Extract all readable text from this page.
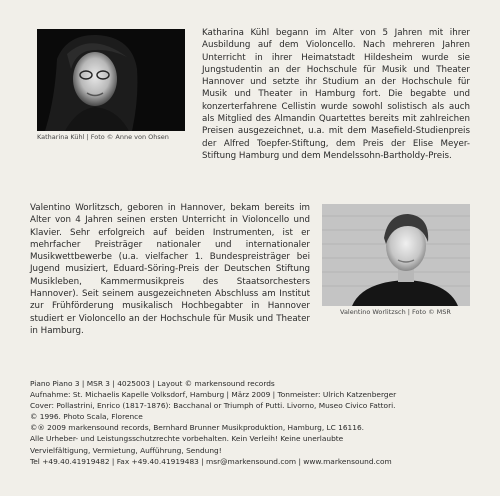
Katharina Kühl | Foto © Anne von Ohsen

Katharina Kühl begann im Alter von 5 Jahren mit ihrer Ausbildung auf dem Violoncello. Nach mehreren Jahren Unterricht in ihrer Heimatstadt Hildesheim wurde sie Jungstudentin an der Hochschule für Musik und Theater Hannover und setzte ihr Studium an der Hochschule für Musik und Theater in Hamburg fort. Die begabte und konzerterfahrene Cellistin wurde sowohl solistisch als auch als Mitglied des Almandin Quartettes bereits mit zahlreichen Preisen ausgezeichnet, u.a. mit dem Masefield-Studienpreis der Alfred Toepfer-Stiftung, dem Preis der Elise Meyer-Stiftung Hamburg und dem Mendelssohn-Bartholdy-Preis.

Valentino Worlitzsch | Foto © MSR

Valentino Worlitzsch, geboren in Hannover, bekam bereits im Alter von 4 Jahren seinen ersten Unterricht in Violoncello und Klavier. Sehr erfolgreich auf beiden Instrumenten, ist er mehrfacher Preisträger nationaler und internationaler Musikwettbewerbe (u.a. vielfacher 1. Bundespreisträger bei Jugend musiziert, Eduard-Söring-Preis der Deutschen Stiftung Musikleben, Kammermusikpreis des Staatsorchesters Hannover). Seit seinem ausgezeichneten Abschluss am Institut zur Frühförderung musikalisch Hochbegabter in Hannover studiert er Violoncello an der Hochschule für Musik und Theater in Hamburg.

Piano Piano 3 | MSR 3 | 4025003 | Layout © markensound records
Aufnahme: St. Michaelis Kapelle Volksdorf, Hamburg | März 2009 | Tonmeister: Ulrich Katzenberger
Cover: Pollastrini, Enrico (1817-1876): Bacchanal or Triumph of Putti. Livorno, Museo Civico Fattori.
© 1996. Photo Scala, Florence
©® 2009 markensound records, Bernhard Brunner Musikproduktion, Hamburg, LC 16116.
Alle Urheber- und Leistungsschutzrechte vorbehalten. Kein Verleih! Keine unerlaubte
Vervielfältigung, Vermietung, Aufführung, Sendung!
Tel +49.40.41919482 | Fax +49.40.41919483 | msr@markensound.com | www.markensound.com
